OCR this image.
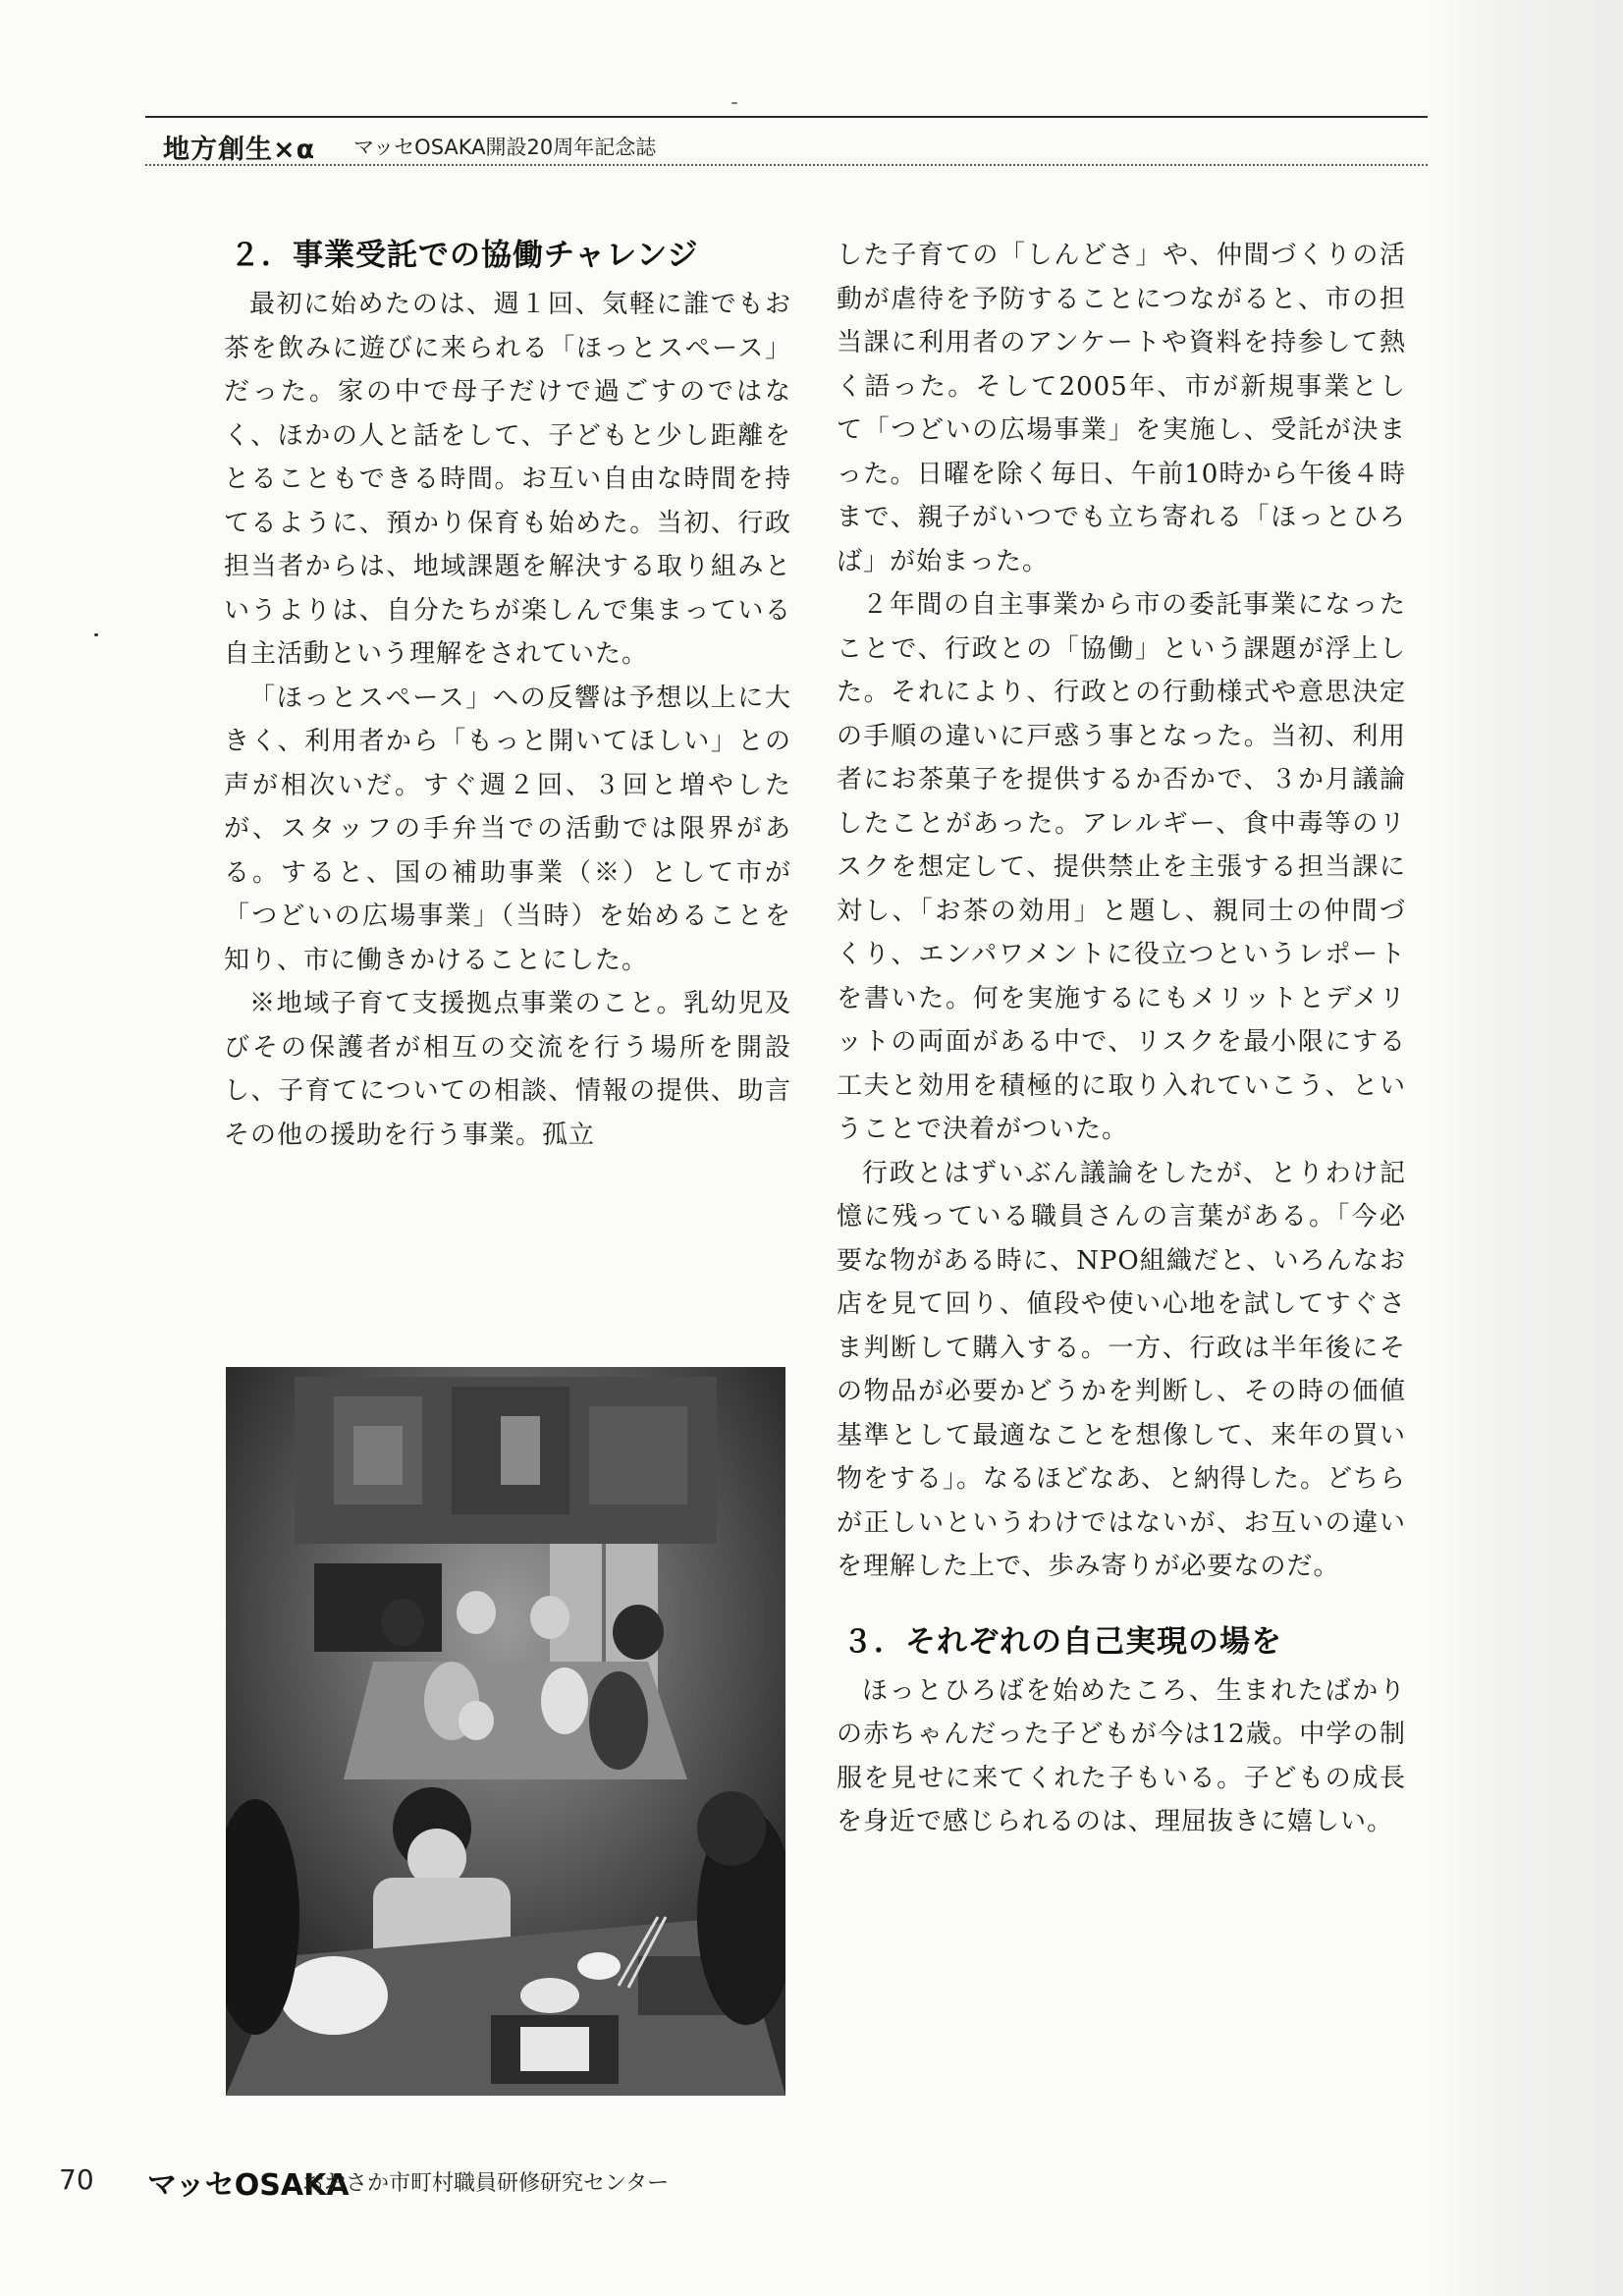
地方創生×α マッセOSAKA開設20周年記念誌
２．事業受託での協働チャレンジ

最初に始めたのは、週１回、気軽に誰でもお茶を飲みに遊びに来られる「ほっとスペース」だった。家の中で母子だけで過ごすのではなく、ほかの人と話をして、子どもと少し距離をとることもできる時間。お互い自由な時間を持てるように、預かり保育も始めた。当初、行政担当者からは、地域課題を解決する取り組みというよりは、自分たちが楽しんで集まっている自主活動という理解をされていた。

「ほっとスペース」への反響は予想以上に大きく、利用者から「もっと開いてほしい」との声が相次いだ。すぐ週２回、３回と増やしたが、スタッフの手弁当での活動では限界がある。すると、国の補助事業（※）として市が「つどいの広場事業」（当時）を始めることを知り、市に働きかけることにした。

※地域子育て支援拠点事業のこと。乳幼児及びその保護者が相互の交流を行う場所を開設し、子育てについての相談、情報の提供、助言その他の援助を行う事業。孤立

した子育ての「しんどさ」や、仲間づくりの活動が虐待を予防することにつながると、市の担当課に利用者のアンケートや資料を持参して熱く語った。そして2005年、市が新規事業として「つどいの広場事業」を実施し、受託が決まった。日曜を除く毎日、午前10時から午後４時まで、親子がいつでも立ち寄れる「ほっとひろば」が始まった。

２年間の自主事業から市の委託事業になったことで、行政との「協働」という課題が浮上した。それにより、行政との行動様式や意思決定の手順の違いに戸惑う事となった。当初、利用者にお茶菓子を提供するか否かで、３か月議論したことがあった。アレルギー、食中毒等のリスクを想定して、提供禁止を主張する担当課に対し、「お茶の効用」と題し、親同士の仲間づくり、エンパワメントに役立つというレポートを書いた。何を実施するにもメリットとデメリットの両面がある中で、リスクを最小限にする工夫と効用を積極的に取り入れていこう、ということで決着がついた。

行政とはずいぶん議論をしたが、とりわけ記憶に残っている職員さんの言葉がある。「今必要な物がある時に、NPO組織だと、いろんなお店を見て回り、値段や使い心地を試してすぐさま判断して購入する。一方、行政は半年後にその物品が必要かどうかを判断し、その時の価値基準として最適なことを想像して、来年の買い物をする」。なるほどなあ、と納得した。どちらが正しいというわけではないが、お互いの違いを理解した上で、歩み寄りが必要なのだ。

３．それぞれの自己実現の場を

ほっとひろばを始めたころ、生まれたばかりの赤ちゃんだった子どもが今は12歳。中学の制服を見せに来てくれた子もいる。子どもの成長を身近で感じられるのは、理屈抜きに嬉しい。

70 マッセOSAKA
おおさか市町村職員研修研究センター
